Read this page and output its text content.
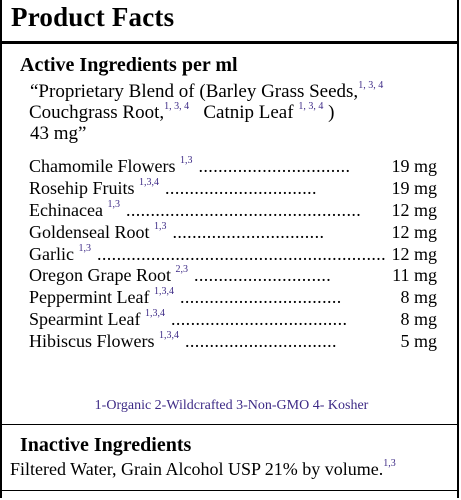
Product Facts
Active Ingredients per ml
“Proprietary Blend of (Barley Grass Seeds,$^{1, 3, 4}$
Couchgrass Root,$^{1, 3, 4}$ Catnip Leaf $^{1, 3, 4}$ )
43 mg”
Chamomile Flowers $^{1,3}$ ...............................	19 mg
Rosehip Fruits $^{1,3,4}$ ...............................	19 mg
Echinacea $^{1,3}$ ................................................	12 mg
Goldenseal Root $^{1,3}$ ...............................	12 mg
Garlic $^{1,3}$ ........................................................... 12 mg
Oregon Grape Root $^{2,3}$ ............................	11 mg
Peppermint Leaf $^{1,3,4}$ .................................	8 mg
Spearmint Leaf $^{1,3,4}$ ....................................	8 mg
Hibiscus Flowers $^{1,3,4}$ ...............................	5 mg
1-Organic 2-Wildcrafted 3-Non-GMO 4- Kosher
Inactive Ingredients
Filtered Water, Grain Alcohol USP 21% by volume.$^{1,3}$
